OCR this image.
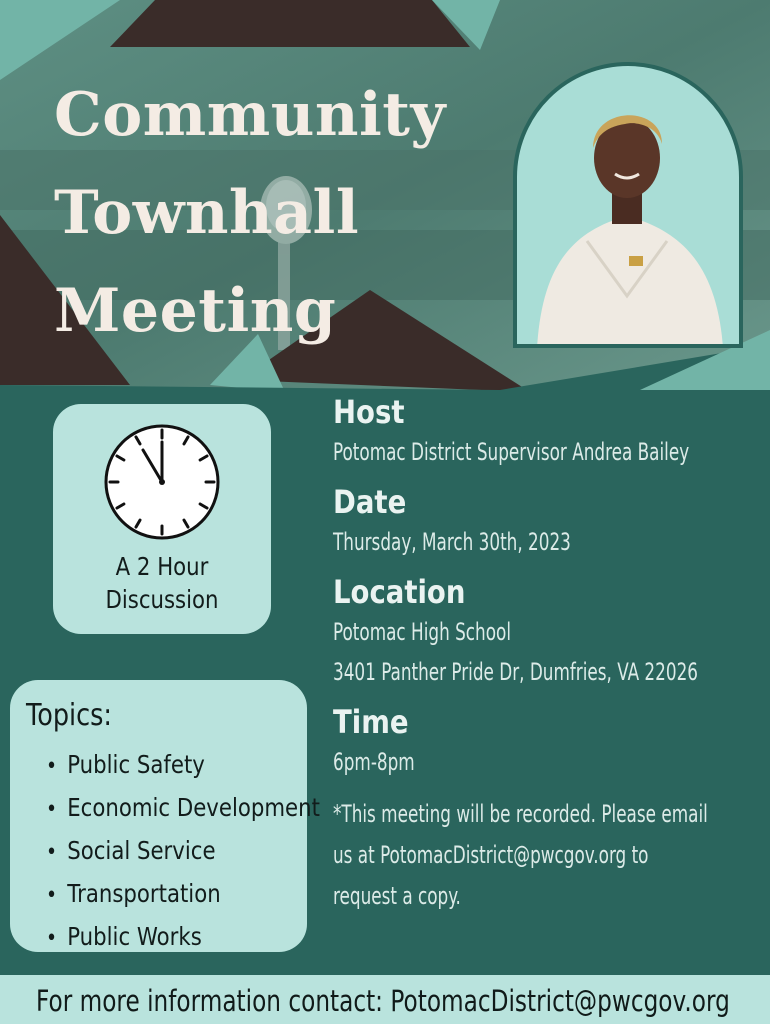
Community
Townhall
Meeting
A 2 Hour
Discussion
Topics:
• Public Safety
• Economic Development
• Social Service
• Transportation
• Public Works
Host
Potomac District Supervisor Andrea Bailey
Date
Thursday, March 30th, 2023
Location
Potomac High School
3401 Panther Pride Dr, Dumfries, VA 22026
Time
6pm-8pm
*This meeting will be recorded. Please email
us at PotomacDistrict@pwcgov.org to
request a copy.
For more information contact: PotomacDistrict@pwcgov.org
